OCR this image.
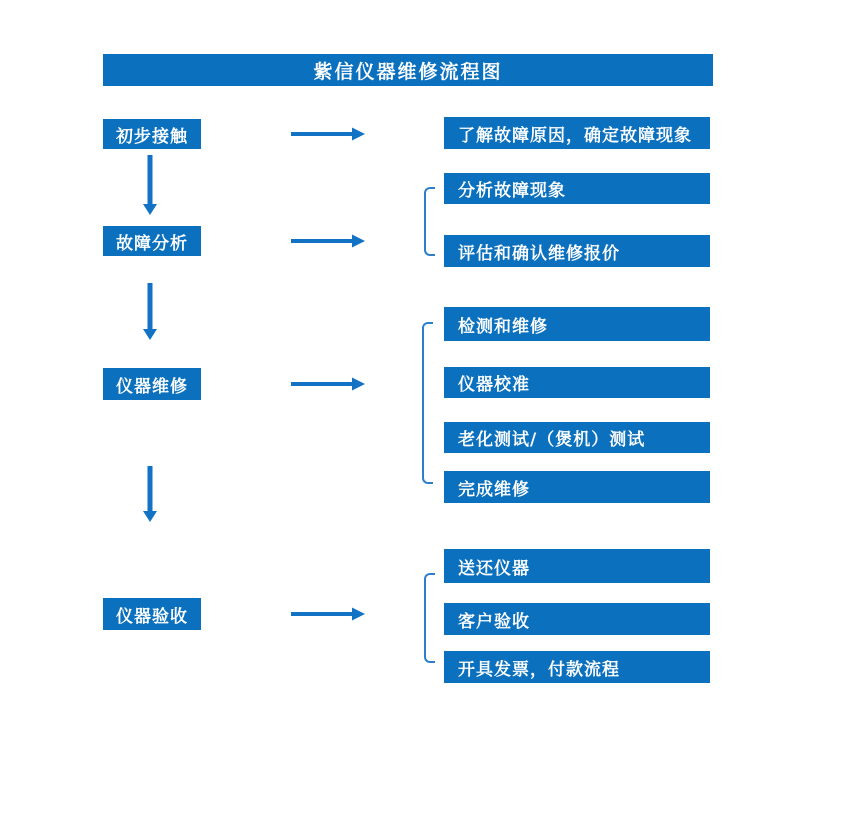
紫信仪器维修流程图
初步接触	了解故障原因，确定故障现象
故障分析
分析故障现象
评估和确认维修报价
仪器维修
检测和维修
仪器校准
老化测试/（煲机）测试
完成维修
仪器验收
送还仪器
客户验收
开具发票，付款流程
